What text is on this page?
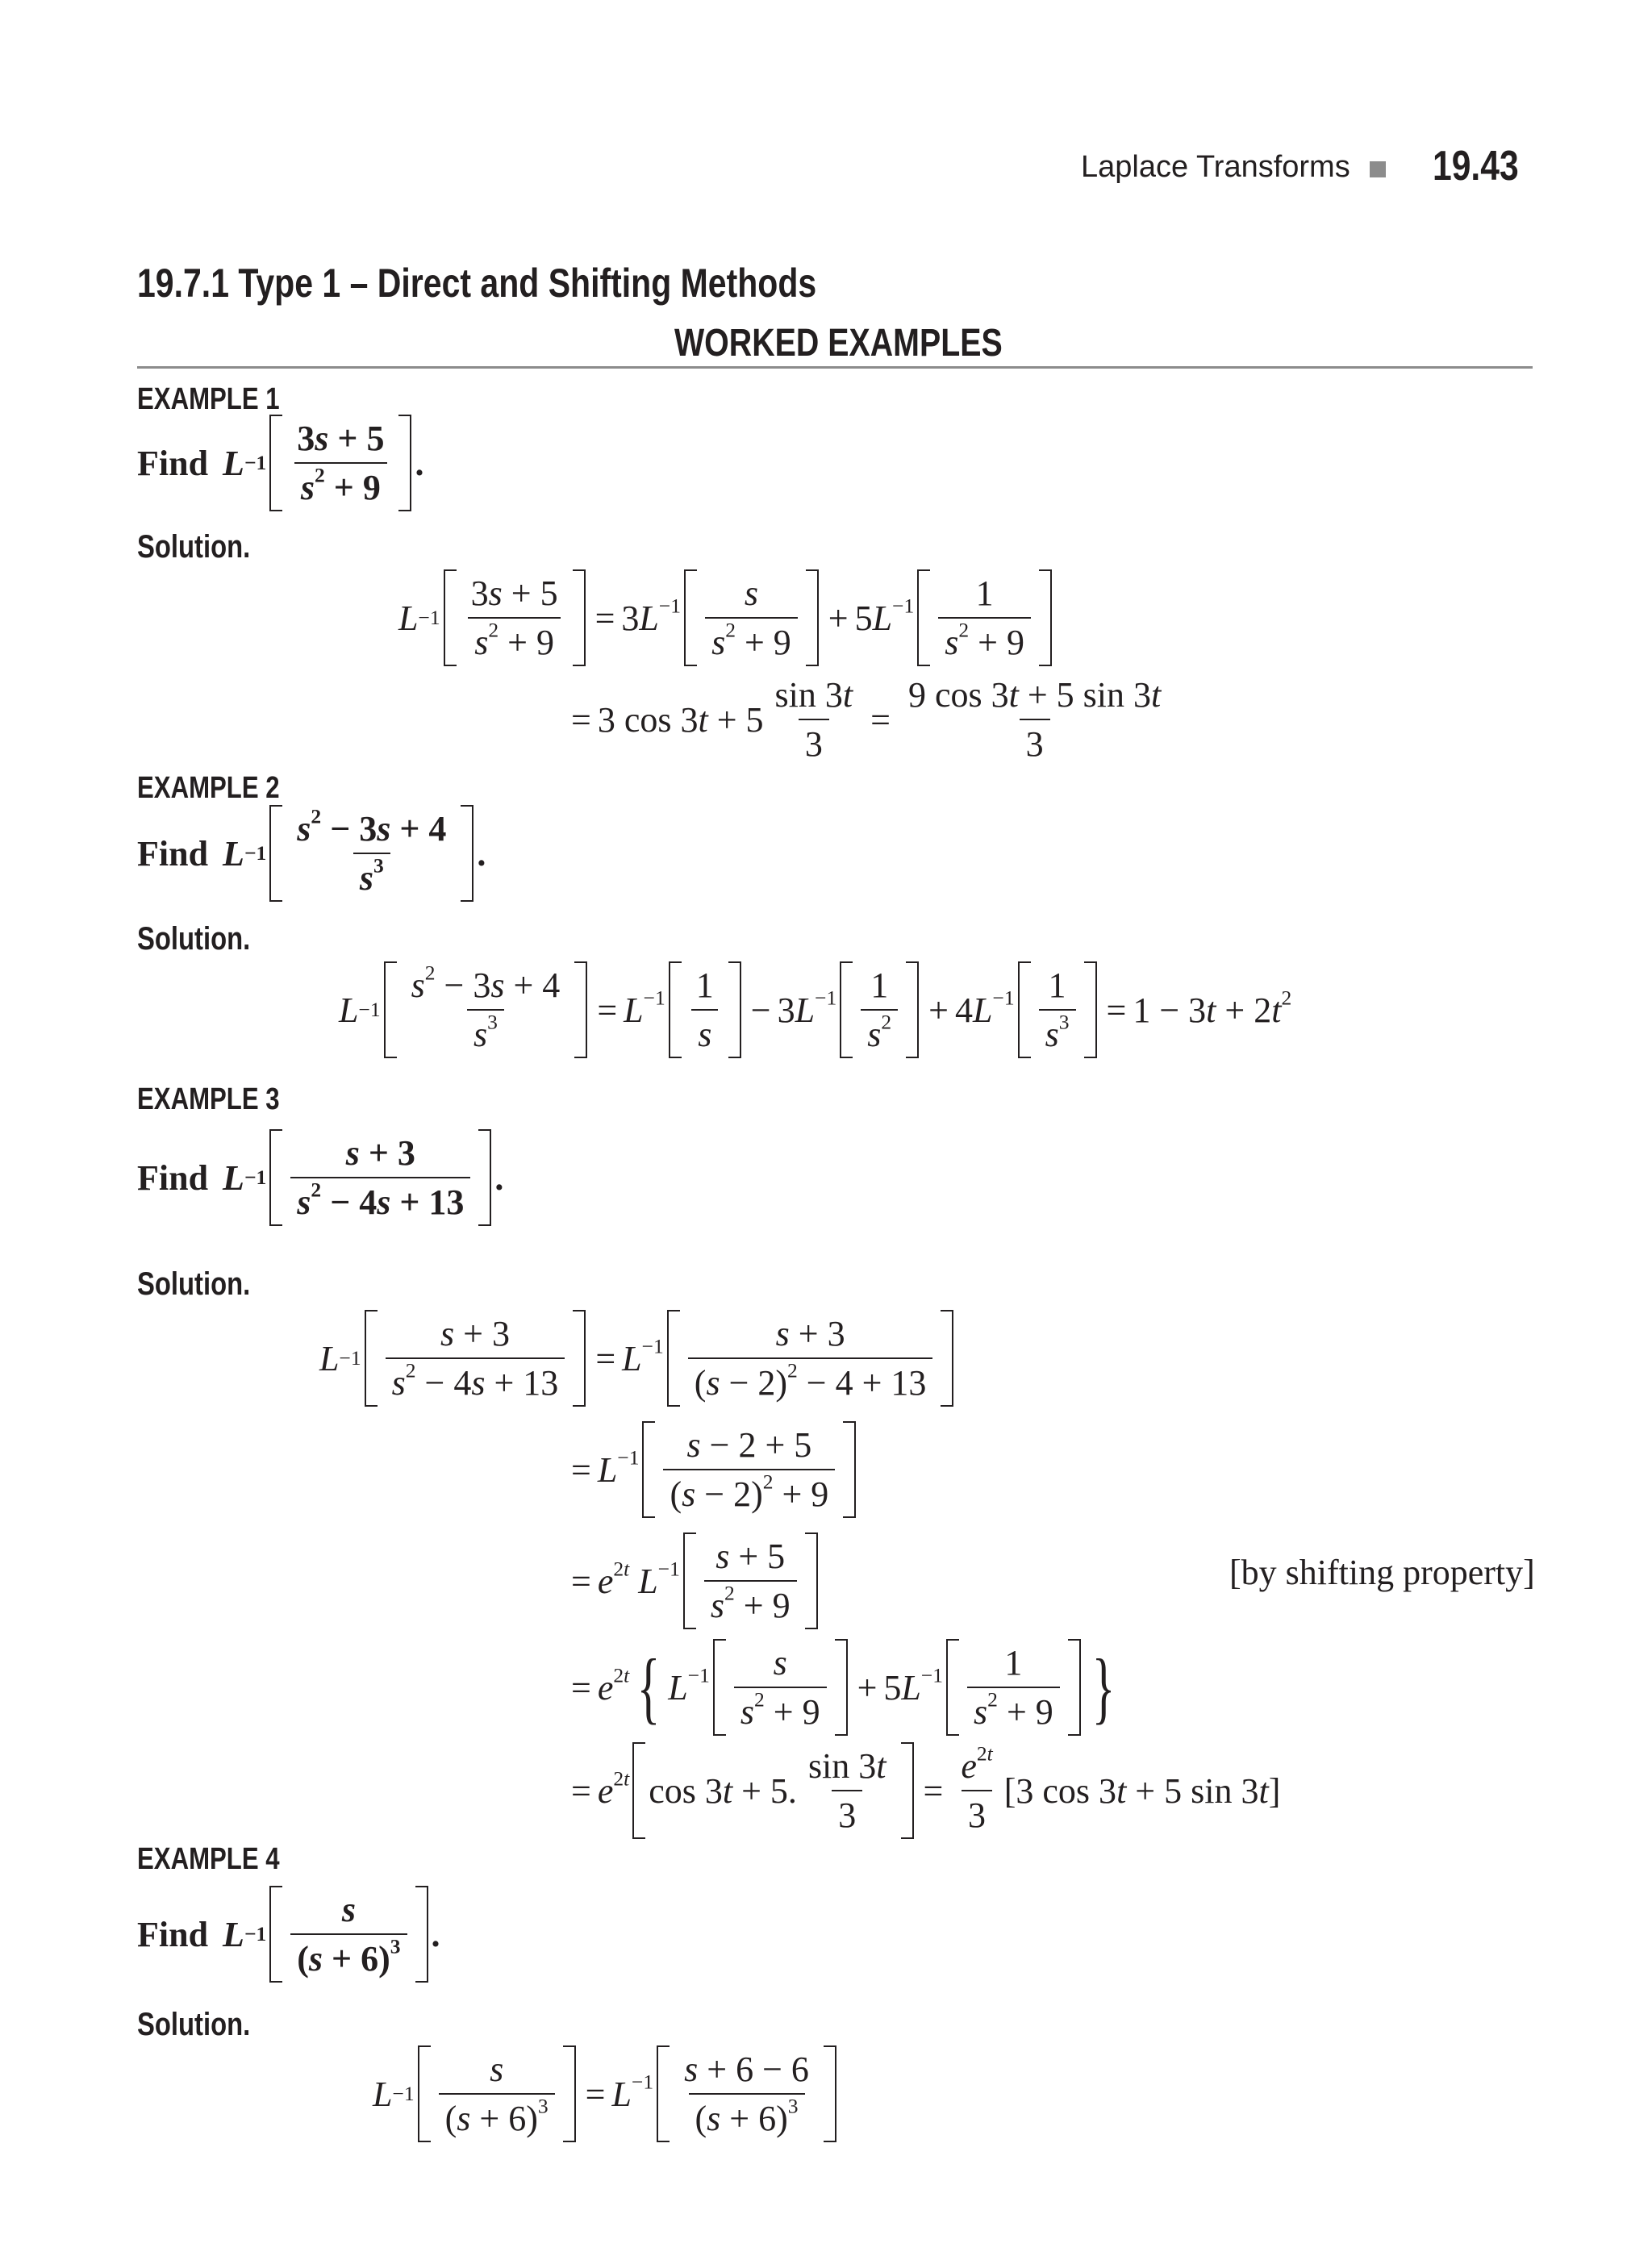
Laplace Transforms 19.43
19.7.1 Type 1 – Direct and Shifting Methods
WORKED EXAMPLES
EXAMPLE 1
Find $L -1 \frac{3s + 5}{s^2 + 9}$ .
Solution.
$L -1 \frac{3s + 5}{s^2 + 9} = 3L^{-1} \frac{s}{s^2 + 9} + 5L^{-1} \frac{1}{s^2 + 9}$
= 3 $\cos 3t + 5 \frac{\sin 3t}{3} = \frac{9 \cos 3t + 5 \sin 3t}{3}$
EXAMPLE 2
Find $L -1 \frac{s^2 - 3s + 4}{s^3}$ .
Solution.
$L -1 \frac{s^2 - 3s + 4}{s^3} = L^{-1} \frac{1}{s} - 3L^{-1} \frac{1}{s^2} + 4L^{-1} \frac{1}{s^3} = 1 - 3t + 2t^2$
EXAMPLE 3
Find $L -1 \frac{s + 3}{s^2 - 4s + 13}$ .
Solution.
$L -1 \frac{s + 3}{s^2 - 4s + 13} = L^{-1} \frac{s + 3}{(s - 2)^2 - 4 + 13}$
= $L^{-1} \frac{s - 2 + 5}{(s - 2)^2 + 9}$
= $e^{2t}$ $L^{-1} \frac{s + 5}{s^2 + 9}$	[by shifting property]
= $e^{2t}$ { $L^{-1} \frac{s}{s^2 + 9} + 5L^{-1} \frac{1}{s^2 + 9}$ }
= $e^{2t}$ cos 3t + 5. $\frac{\sin 3t}{3} = \frac{e^{2t}}{3} [3$ cos 3t + 5 sin 3t]
EXAMPLE 4
Find $L -1 \frac{s}{(s + 6)^3}$ .
Solution.
$L -1 \frac{s}{(s + 6)^3} = L^{-1} \frac{s + 6 - 6}{(s + 6)^3}$
